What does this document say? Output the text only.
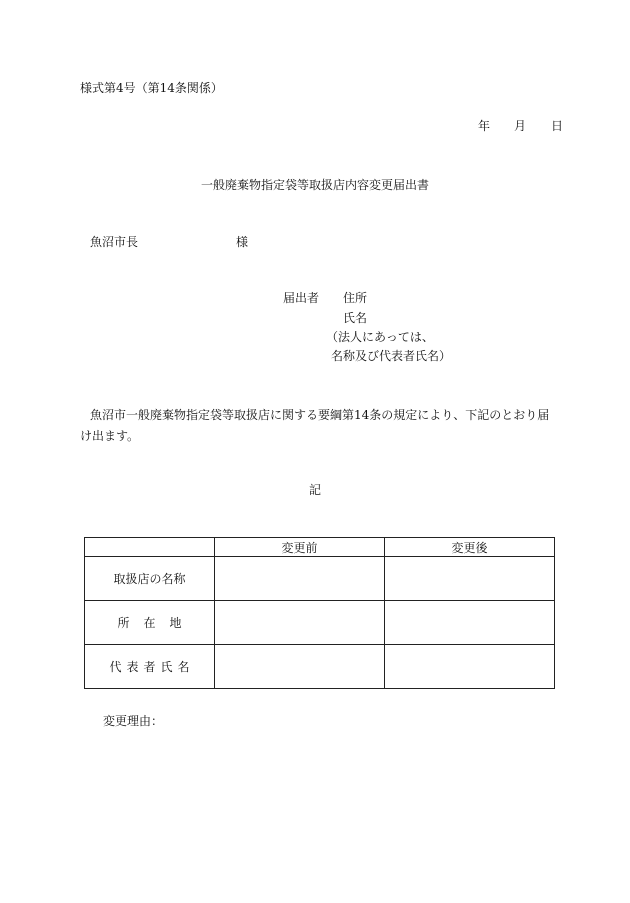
様式第4号（第14条関係）
年 月 日
一般廃棄物指定袋等取扱店内容変更届出書
魚沼市長	様
届出者 住所
氏名
（法人にあっては、
名称及び代表者氏名）
魚沼市一般廃棄物指定袋等取扱店に関する要綱第14条の規定により、下記のとおり届け出ます。
記
	変更前	変更後
取扱店の名称		
所在地		
代表者氏名		
変更理由：
